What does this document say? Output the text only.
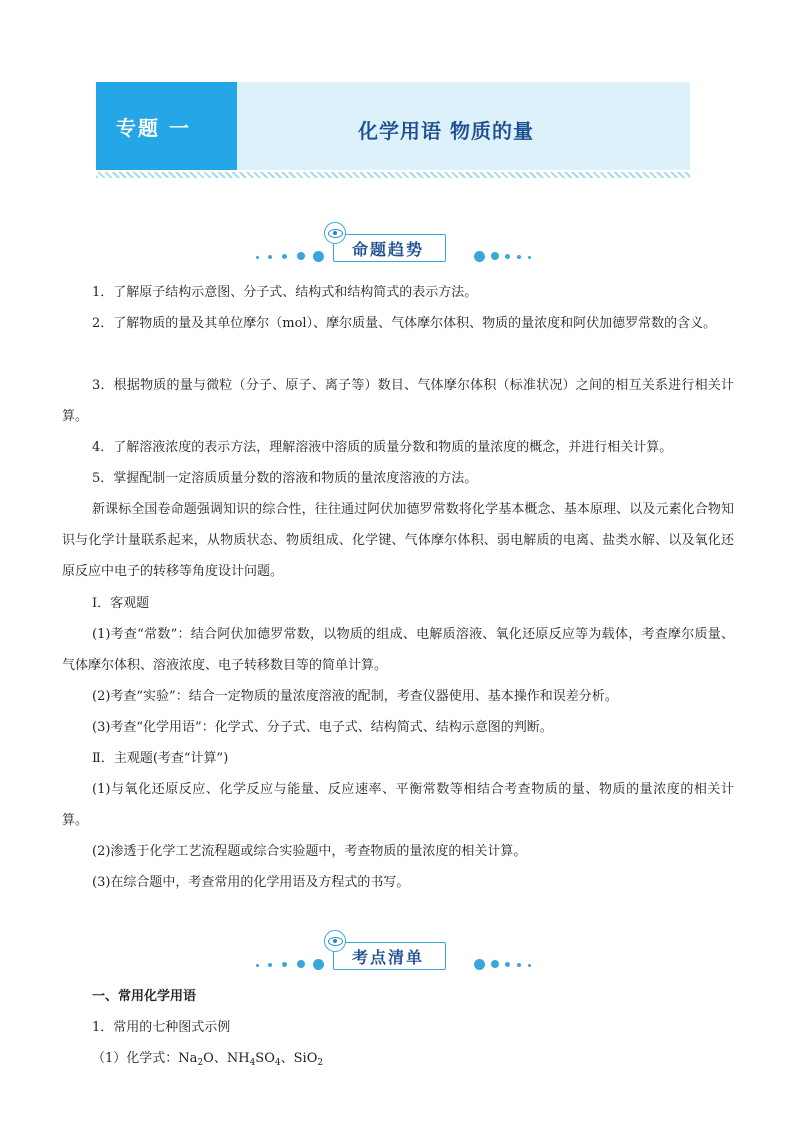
专题 一	化学用语 物质的量
命题趋势
1．了解原子结构示意图、分子式、结构式和结构简式的表示方法。
2．了解物质的量及其单位摩尔（mol）、摩尔质量、气体摩尔体积、物质的量浓度和阿伏加德罗常数的含义。
3．根据物质的量与微粒（分子、原子、离子等）数目、气体摩尔体积（标准状况）之间的相互关系进行相关计算。
4．了解溶液浓度的表示方法，理解溶液中溶质的质量分数和物质的量浓度的概念，并进行相关计算。
5．掌握配制一定溶质质量分数的溶液和物质的量浓度溶液的方法。
新课标全国卷命题强调知识的综合性，往往通过阿伏加德罗常数将化学基本概念、基本原理、以及元素化合物知识与化学计量联系起来，从物质状态、物质组成、化学键、气体摩尔体积、弱电解质的电离、盐类水解、以及氧化还原反应中电子的转移等角度设计问题。
Ⅰ．客观题
(1)考查“常数”：结合阿伏加德罗常数，以物质的组成、电解质溶液、氧化还原反应等为载体，考查摩尔质量、气体摩尔体积、溶液浓度、电子转移数目等的简单计算。
(2)考查“实验”：结合一定物质的量浓度溶液的配制，考查仪器使用、基本操作和误差分析。
(3)考查“化学用语”：化学式、分子式、电子式、结构简式、结构示意图的判断。
Ⅱ．主观题(考查“计算”)
(1)与氧化还原反应、化学反应与能量、反应速率、平衡常数等相结合考查物质的量、物质的量浓度的相关计算。
(2)渗透于化学工艺流程题或综合实验题中，考查物质的量浓度的相关计算。
(3)在综合题中，考查常用的化学用语及方程式的书写。
考点清单
一、常用化学用语
1．常用的七种图式示例
（1）化学式：$Na_2O$、$NH_4SO_4$、SiO$_2$
